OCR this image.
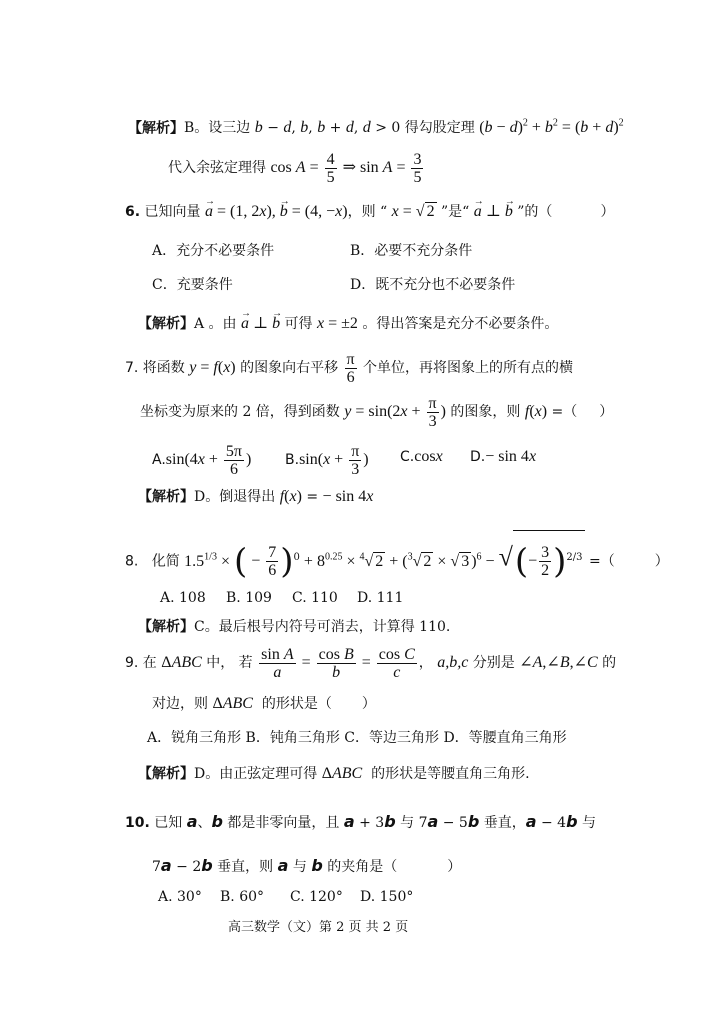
【解析】B。设三边 b − d, b, b + d, d > 0 得勾股定理 $(b - d)^2 + b^2 = (b + d)^2$
代入余弦定理得 $\cos A = \frac{4}{5}$ ⇒ $\sin A = \frac{3}{5}$
6. 已知向量 → a = (1, 2x), → b = (4, −x)，则 “ x = √ 2 ”是“ → a ⊥ → b ”的（	）
A．充分不必要条件	B．必要不充分条件
C．充要条件	D．既不充分也不必要条件
【解析】A 。由 → a ⊥ → b 可得 x = ±2 。得出答案是充分不必要条件。
7. 将函数 y = f(x) 的图象向右平移 $\frac{\pi}{6}$ 个单位，再将图象上的所有点的横
坐标变为原来的 2 倍，得到函数 $y = \sin(2x + \frac{\pi}{3}$ ) 的图象，则 f(x) =（ ）
$A.\sin(4x + \frac{5\pi}{6}$ ) $B.\sin(x + \frac{\pi}{3}$ ) C.cosx D.− sin 4x
【解析】D。倒退得出 f(x) = − sin 4x
8.   化简 $1.5^{1/3}$ × ( − $\frac{7}{6} )^0 + 8^{0.25} \times ^4√$ 2 + ($^3$√ 2 × √ 3 )$^6$ − √(− $\frac{3}{2} )^{2/3}$ =（	）
A. 108 B. 109 C. 110 D. 111
【解析】C。最后根号内符号可消去，计算得 110.
9. 在 ΔABC 中， 若 $\frac{\text{sin A}}{a} = \frac{\text{cos B}}{b} = \frac{\text{cos C}}{c}$ ， a,b,c 分别是 ∠A,∠B,∠C 的
对边，则 ΔABC  的形状是（ ）
A．锐角三角形 B．钝角三角形 C．等边三角形 D．等腰直角三角形
【解析】D。由正弦定理可得 ΔABC  的形状是等腰直角三角形.
10. 已知 a、b 都是非零向量，且 a + 3b 与 7a − 5b 垂直，a − 4b 与
7a − 2b 垂直，则 a 与 b 的夹角是（	）
A. 30° B. 60° C. 120° D. 150°
高三数学（文）第 2 页 共 2 页
